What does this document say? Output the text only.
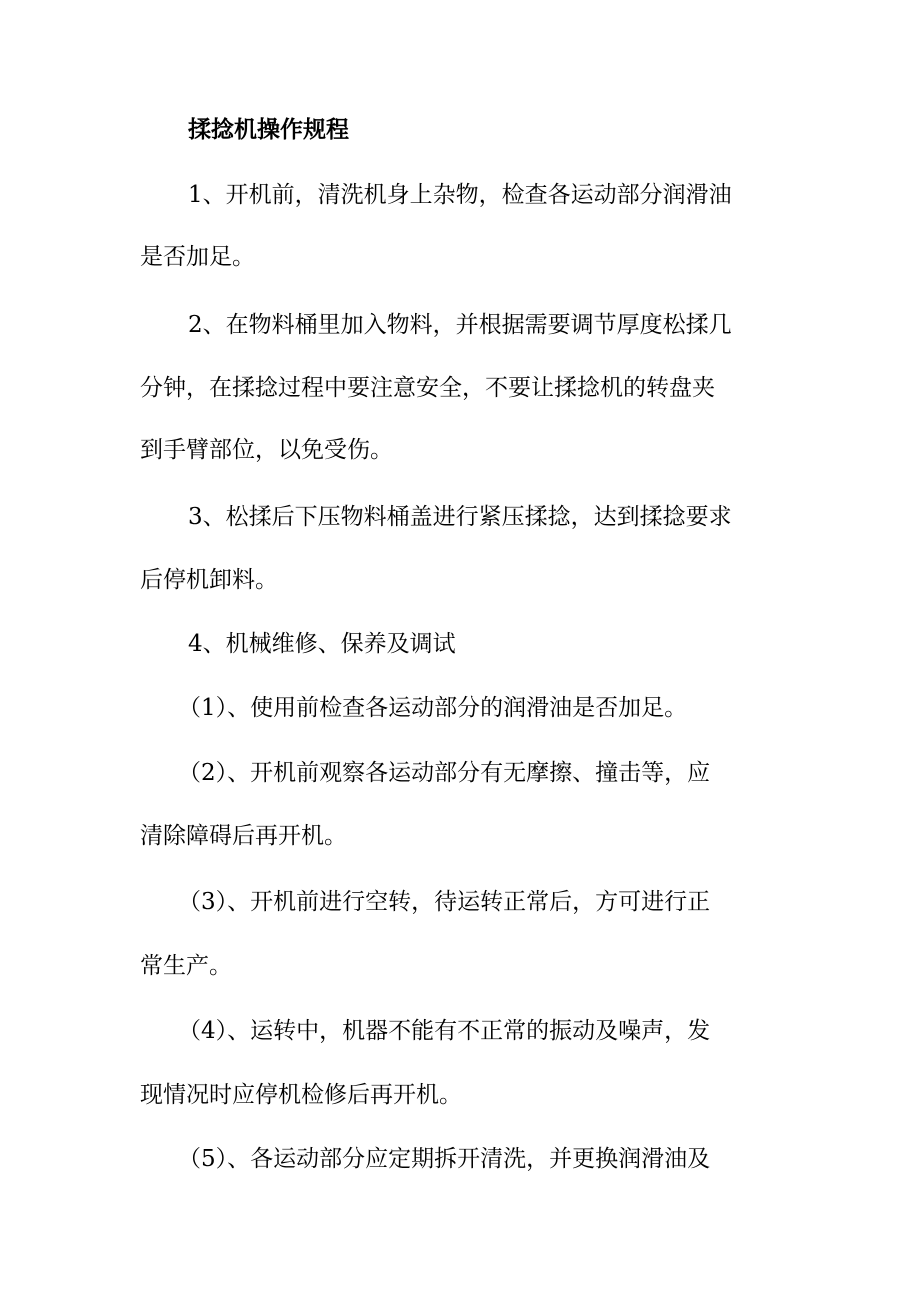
揉捻机操作规程
1、开机前，清洗机身上杂物，检查各运动部分润滑油
是否加足。
2、在物料桶里加入物料，并根据需要调节厚度松揉几
分钟，在揉捻过程中要注意安全，不要让揉捻机的转盘夹
到手臂部位，以免受伤。
3、松揉后下压物料桶盖进行紧压揉捻，达到揉捻要求
后停机卸料。
4、机械维修、保养及调试
（1）、使用前检查各运动部分的润滑油是否加足。
（2）、开机前观察各运动部分有无摩擦、撞击等，应
清除障碍后再开机。
（3）、开机前进行空转，待运转正常后，方可进行正
常生产。
（4）、运转中，机器不能有不正常的振动及噪声，发
现情况时应停机检修后再开机。
（5）、各运动部分应定期拆开清洗，并更换润滑油及
